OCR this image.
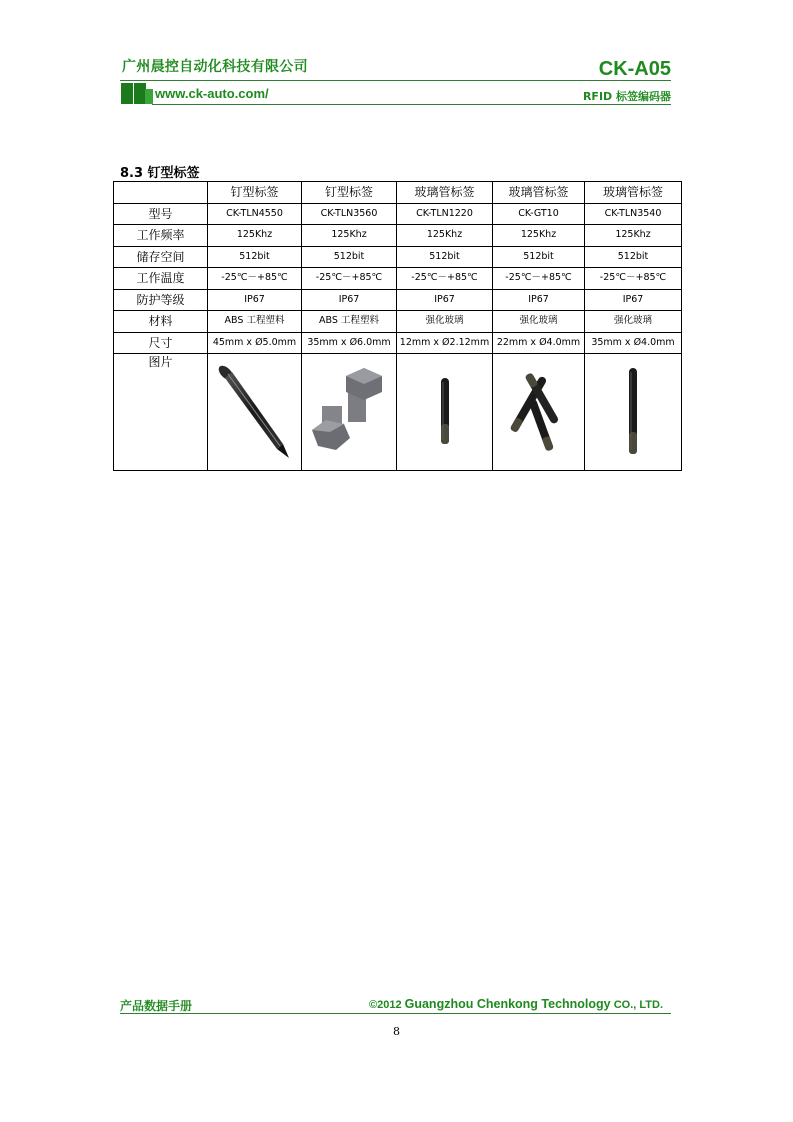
广州晨控自动化科技有限公司	CK-A05
www.ck-auto.com/	RFID 标签编码器
8.3 钉型标签
	钉型标签	钉型标签	玻璃管标签	玻璃管标签	玻璃管标签
型号	CK-TLN4550	CK-TLN3560	CK-TLN1220	CK-GT10	CK-TLN3540
工作频率	125Khz	125Khz	125Khz	125Khz	125Khz
储存空间	512bit	512bit	512bit	512bit	512bit
工作温度	-25℃－+85℃	-25℃－+85℃	-25℃－+85℃	-25℃－+85℃	-25℃－+85℃
防护等级	IP67	IP67	IP67	IP67	IP67
材料	ABS 工程塑料	ABS 工程塑料	强化玻璃	强化玻璃	强化玻璃
尺寸	45mm x Ø5.0mm	35mm x Ø6.0mm	12mm x Ø2.12mm	22mm x Ø4.0mm	35mm x Ø4.0mm
图片	

产品数据手册	©2012 Guangzhou Chenkong Technology CO., LTD.
8
